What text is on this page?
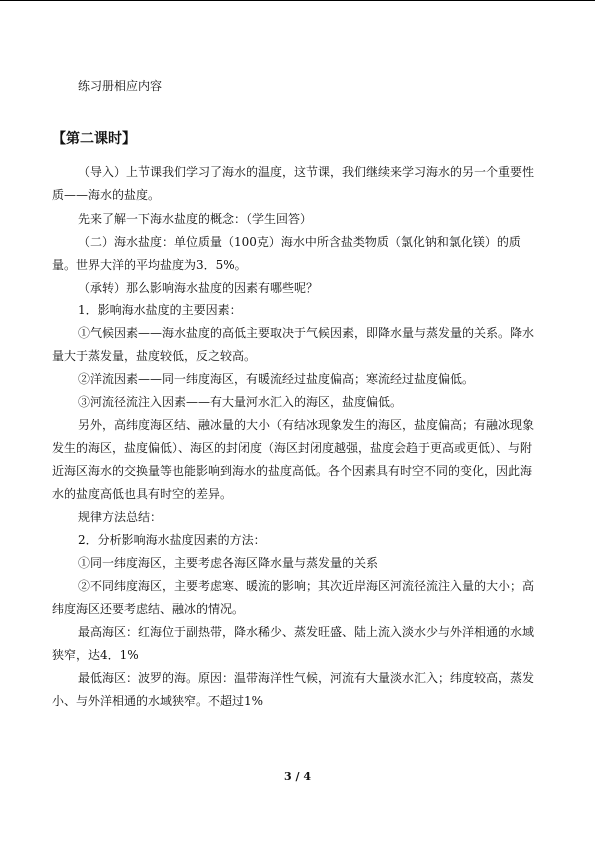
练习册相应内容
【第二课时】
（导入）上节课我们学习了海水的温度，这节课，我们继续来学习海水的另一个重要性
质——海水的盐度。
先来了解一下海水盐度的概念：（学生回答）
（二）海水盐度：单位质量（100克）海水中所含盐类物质（氯化钠和氯化镁）的质
量。世界大洋的平均盐度为3．5%。
（承转）那么影响海水盐度的因素有哪些呢？
1．影响海水盐度的主要因素：
①气候因素——海水盐度的高低主要取决于气候因素，即降水量与蒸发量的关系。降水
量大于蒸发量，盐度较低，反之较高。
②洋流因素——同一纬度海区，有暖流经过盐度偏高；寒流经过盐度偏低。
③河流径流注入因素——有大量河水汇入的海区，盐度偏低。
另外，高纬度海区结、融冰量的大小（有结冰现象发生的海区，盐度偏高；有融冰现象
发生的海区，盐度偏低）、海区的封闭度（海区封闭度越强，盐度会趋于更高或更低）、与附
近海区海水的交换量等也能影响到海水的盐度高低。各个因素具有时空不同的变化，因此海
水的盐度高低也具有时空的差异。
规律方法总结：
2．分析影响海水盐度因素的方法：
①同一纬度海区，主要考虑各海区降水量与蒸发量的关系
②不同纬度海区，主要考虑寒、暖流的影响；其次近岸海区河流径流注入量的大小；高
纬度海区还要考虑结、融冰的情况。
最高海区：红海位于副热带，降水稀少、蒸发旺盛、陆上流入淡水少与外洋相通的水域
狭窄，达4．1%
最低海区：波罗的海。原因：温带海洋性气候，河流有大量淡水汇入；纬度较高，蒸发
小、与外洋相通的水域狭窄。不超过1%
3 / 4
